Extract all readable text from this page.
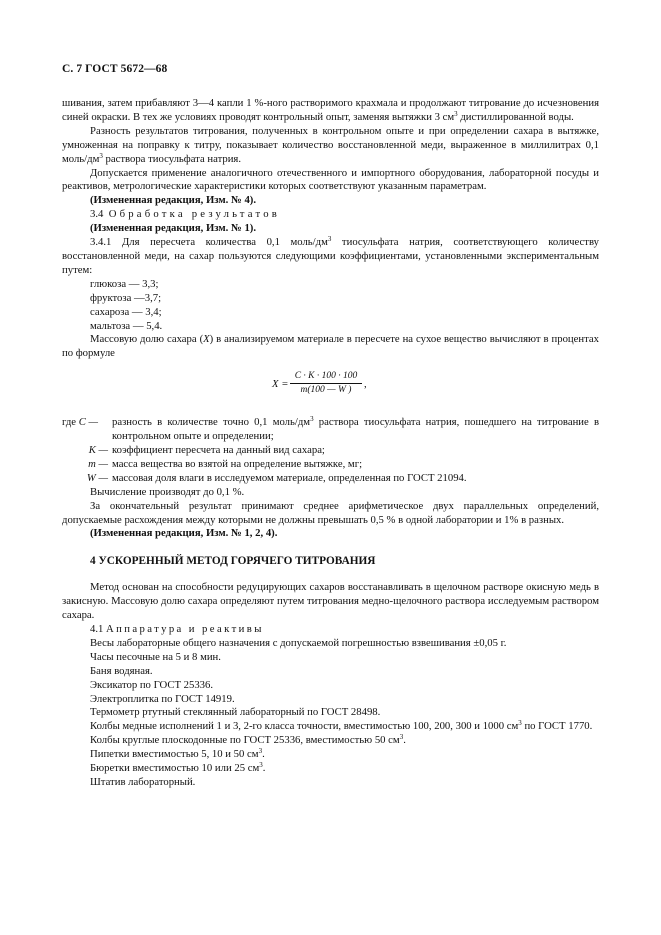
С. 7 ГОСТ 5672—68

шивания, затем прибавляют 3—4 капли 1 %-ного растворимого крахмала и продолжают титрование до исчезновения синей окраски. В тех же условиях проводят контрольный опыт, заменяя вытяжки 3 $см^3$ дистиллированной воды.

Разность результатов титрования, полученных в контрольном опыте и при определении сахара в вытяжке, умноженная на поправку к титру, показывает количество восстановленной меди, выраженное в миллилитрах 0,1 моль/$дм^3$ раствора тиосульфата натрия.

Допускается применение аналогичного отечественного и импортного оборудования, лабораторной посуды и реактивов, метрологические характеристики которых соответствуют указанным параметрам.

(Измененная редакция, Изм. № 4).

3.4 Обработка результатов

(Измененная редакция, Изм. № 1).

3.4.1 Для пересчета количества 0,1 моль/$дм^3$ тиосульфата натрия, соответствующего количеству восстановленной меди, на сахар пользуются следующими коэффициентами, установленными экспериментальным путем:

глюкоза — 3,3;

фруктоза —3,7;

сахароза — 3,4;

мальтоза — 5,4.

Массовую долю сахара (X) в анализируемом материале в пересчете на сухое вещество вычисляют в процентах по формуле

$X = \frac{C \cdot K \cdot 100 \cdot 100}{m(100 — W )}$ ,
где C —	разность в количестве точно 0,1 моль/$дм^3$ раствора тиосульфата натрия, пошедшего на титрование в контрольном опыте и определении;
K — коэффициент пересчета на данный вид сахара;
m — масса вещества во взятой на определение вытяжке, мг;
W — массовая доля влаги в исследуемом материале, определенная по ГОСТ 21094.

Вычисление производят до 0,1 %.

За окончательный результат принимают среднее арифметическое двух параллельных определений, допускаемые расхождения между которыми не должны превышать 0,5 % в одной лаборатории и 1% в разных.

(Измененная редакция, Изм. № 1, 2, 4).

4 УСКОРЕННЫЙ МЕТОД ГОРЯЧЕГО ТИТРОВАНИЯ

Метод основан на способности редуцирующих сахаров восстанавливать в щелочном растворе окисную медь в закисную. Массовую долю сахара определяют путем титрования медно-щелочного раствора исследуемым раствором сахара.

4.1 Аппаратура и реактивы

Весы лабораторные общего назначения с допускаемой погрешностью взвешивания ±0,05 г.

Часы песочные на 5 и 8 мин.

Баня водяная.

Эксикатор по ГОСТ 25336.

Электроплитка по ГОСТ 14919.

Термометр ртутный стеклянный лабораторный по ГОСТ 28498.

Колбы медные исполнений 1 и 3, 2-го класса точности, вместимостью 100, 200, 300 и 1000 $см^3$ по ГОСТ 1770.

Колбы круглые плоскодонные по ГОСТ 25336, вместимостью 50 $см^3$.

Пипетки вместимостью 5, 10 и 50 $см^3$.

Бюретки вместимостью 10 или 25 $см^3$.

Штатив лабораторный.
